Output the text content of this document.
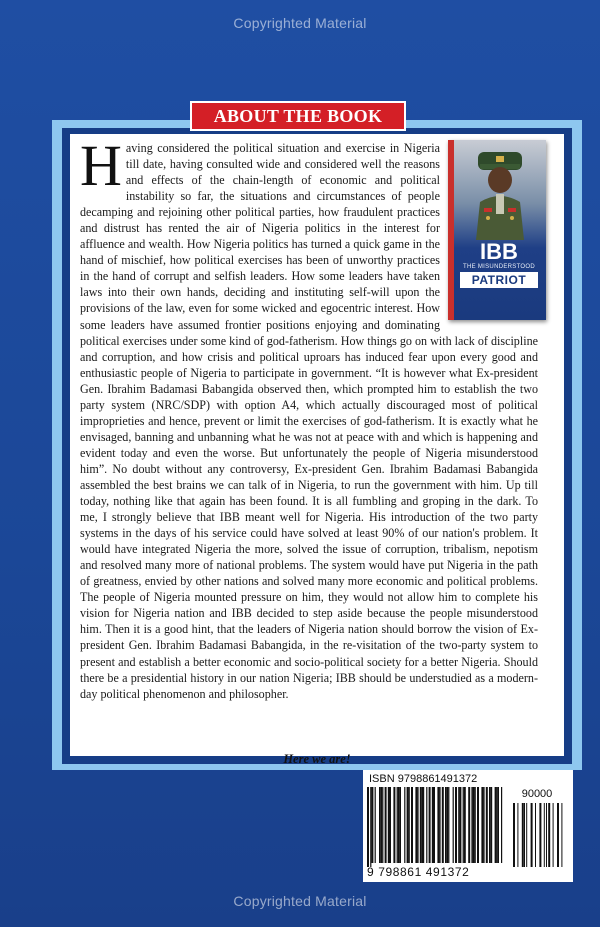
Copyrighted Material
ABOUT THE BOOK
IBB
THE MISUNDERSTOOD
PATRIOT

Having considered the political situation and exercise in Nigeria till date, having consulted wide and considered well the reasons and effects of the chain-length of economic and political instability so far, the situations and circumstances of people decamping and rejoining other political parties, how fraudulent practices and distrust has rented the air of Nigeria politics in the interest for affluence and wealth. How Nigeria politics has turned a quick game in the hand of mischief, how political exercises has been of unworthy practices in the hand of corrupt and selfish leaders. How some leaders have taken laws into their own hands, deciding and instituting self-will upon the provisions of the law, even for some wicked and egocentric interest. How some leaders have assumed frontier positions enjoying and dominating political exercises under some kind of god-fatherism. How things go on with lack of discipline and corruption, and how crisis and political uproars has induced fear upon every good and enthusiastic people of Nigeria to participate in government. “It is however what Ex-president Gen. Ibrahim Badamasi Babangida observed then, which prompted him to establish the two party system (NRC/SDP) with option A4, which actually discouraged most of political improprieties and hence, prevent or limit the exercises of god-fatherism. It is exactly what he envisaged, banning and unbanning what he was not at peace with and which is happening and evident today and even the worse. But unfortunately the people of Nigeria misunderstood him”. No doubt without any controversy, Ex-president Gen. Ibrahim Badamasi Babangida assembled the best brains we can talk of in Nigeria, to run the government with him. Up till today, nothing like that again has been found. It is all fumbling and groping in the dark. To me, I strongly believe that IBB meant well for Nigeria. His introduction of the two party systems in the days of his service could have solved at least 90% of our nation's problem. It would have integrated Nigeria the more, solved the issue of corruption, tribalism, nepotism and resolved many more of national problems. The system would have put Nigeria in the path of greatness, envied by other nations and solved many more economic and political problems. The people of Nigeria mounted pressure on him, they would not allow him to complete his vision for Nigeria nation and IBB decided to step aside because the people misunderstood him. Then it is a good hint, that the leaders of Nigeria nation should borrow the vision of Ex-president Gen. Ibrahim Badamasi Babangida, in the re-visitation of the two-party system to present and establish a better economic and socio-political society for a better Nigeria. Should there be a presidential history in our nation Nigeria; IBB should be understudied as a modern-day political phenomenon and philosopher.

Here we are!
ISBN 9798861491372
90000
9 798861 491372
Copyrighted Material
